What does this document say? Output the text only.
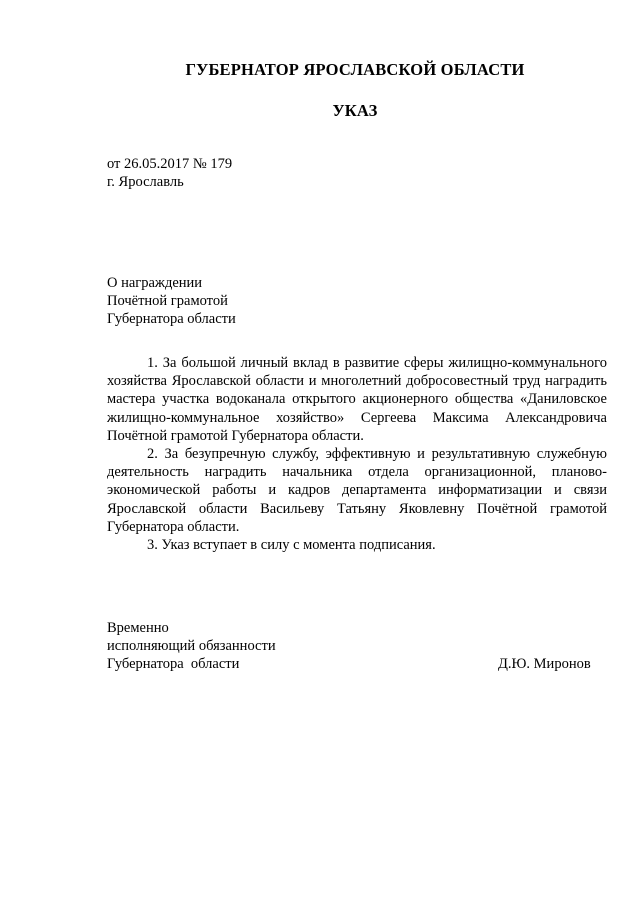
ГУБЕРНАТОР ЯРОСЛАВСКОЙ ОБЛАСТИ
УКАЗ
от 26.05.2017 № 179
г. Ярославль
О награждении
Почётной грамотой
Губернатора области

1. За большой личный вклад в развитие сферы жилищно-коммунального хозяйства Ярославской области и многолетний добросовестный труд наградить мастера участка водоканала открытого акционерного общества «Даниловское жилищно-коммунальное хозяйство» Сергеева Максима Александровича Почётной грамотой Губернатора области.

2. За безупречную службу, эффективную и результативную служебную деятельность наградить начальника отдела организационной, планово-экономической работы и кадров департамента информатизации и связи Ярославской области Васильеву Татьяну Яковлевну Почётной грамотой Губернатора области.

3. Указ вступает в силу с момента подписания.

Временно
исполняющий обязанности
Губернатора  области	Д.Ю. Миронов
